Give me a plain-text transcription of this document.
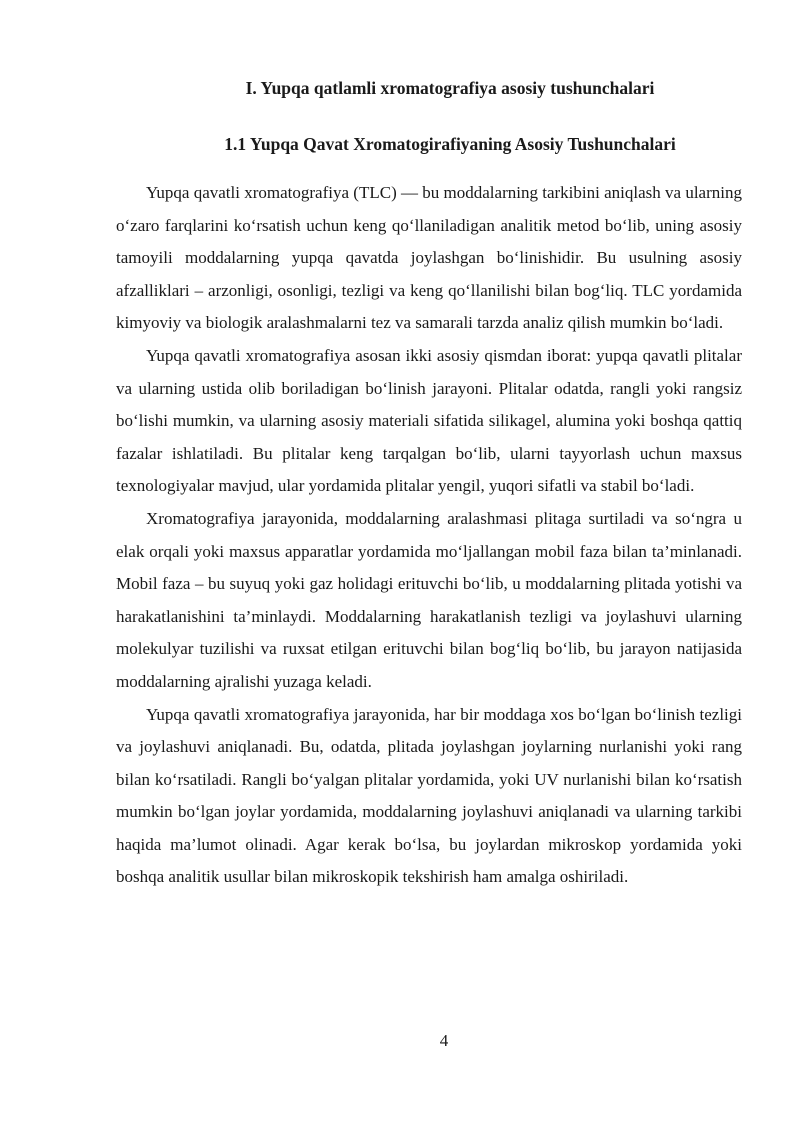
I. Yupqa qatlamli xromatografiya asosiy tushunchalari
1.1 Yupqa Qavat Xromatogirafiyaning Asosiy Tushunchalari

Yupqa qavatli xromatografiya (TLC) — bu moddalarning tarkibini aniqlash va ularning o‘zaro farqlarini ko‘rsatish uchun keng qo‘llaniladigan analitik metod bo‘lib, uning asosiy tamoyili moddalarning yupqa qavatda joylashgan bo‘linishidir. Bu usulning asosiy afzalliklari – arzonligi, osonligi, tezligi va keng qo‘llanilishi bilan bog‘liq. TLC yordamida kimyoviy va biologik aralashmalarni tez va samarali tarzda analiz qilish mumkin bo‘ladi.

Yupqa qavatli xromatografiya asosan ikki asosiy qismdan iborat: yupqa qavatli plitalar va ularning ustida olib boriladigan bo‘linish jarayoni. Plitalar odatda, rangli yoki rangsiz bo‘lishi mumkin, va ularning asosiy materiali sifatida silikagel, alumina yoki boshqa qattiq fazalar ishlatiladi. Bu plitalar keng tarqalgan bo‘lib, ularni tayyorlash uchun maxsus texnologiyalar mavjud, ular yordamida plitalar yengil, yuqori sifatli va stabil bo‘ladi.

Xromatografiya jarayonida, moddalarning aralashmasi plitaga surtiladi va so‘ngra u elak orqali yoki maxsus apparatlar yordamida mo‘ljallangan mobil faza bilan ta’minlanadi. Mobil faza – bu suyuq yoki gaz holidagi erituvchi bo‘lib, u moddalarning plitada yotishi va harakatlanishini ta’minlaydi. Moddalarning harakatlanish tezligi va joylashuvi ularning molekulyar tuzilishi va ruxsat etilgan erituvchi bilan bog‘liq bo‘lib, bu jarayon natijasida moddalarning ajralishi yuzaga keladi.

Yupqa qavatli xromatografiya jarayonida, har bir moddaga xos bo‘lgan bo‘linish tezligi va joylashuvi aniqlanadi. Bu, odatda, plitada joylashgan joylarning nurlanishi yoki rang bilan ko‘rsatiladi. Rangli bo‘yalgan plitalar yordamida, yoki UV nurlanishi bilan ko‘rsatish mumkin bo‘lgan joylar yordamida, moddalarning joylashuvi aniqlanadi va ularning tarkibi haqida ma’lumot olinadi. Agar kerak bo‘lsa, bu joylardan mikroskop yordamida yoki boshqa analitik usullar bilan mikroskopik tekshirish ham amalga oshiriladi.

4
